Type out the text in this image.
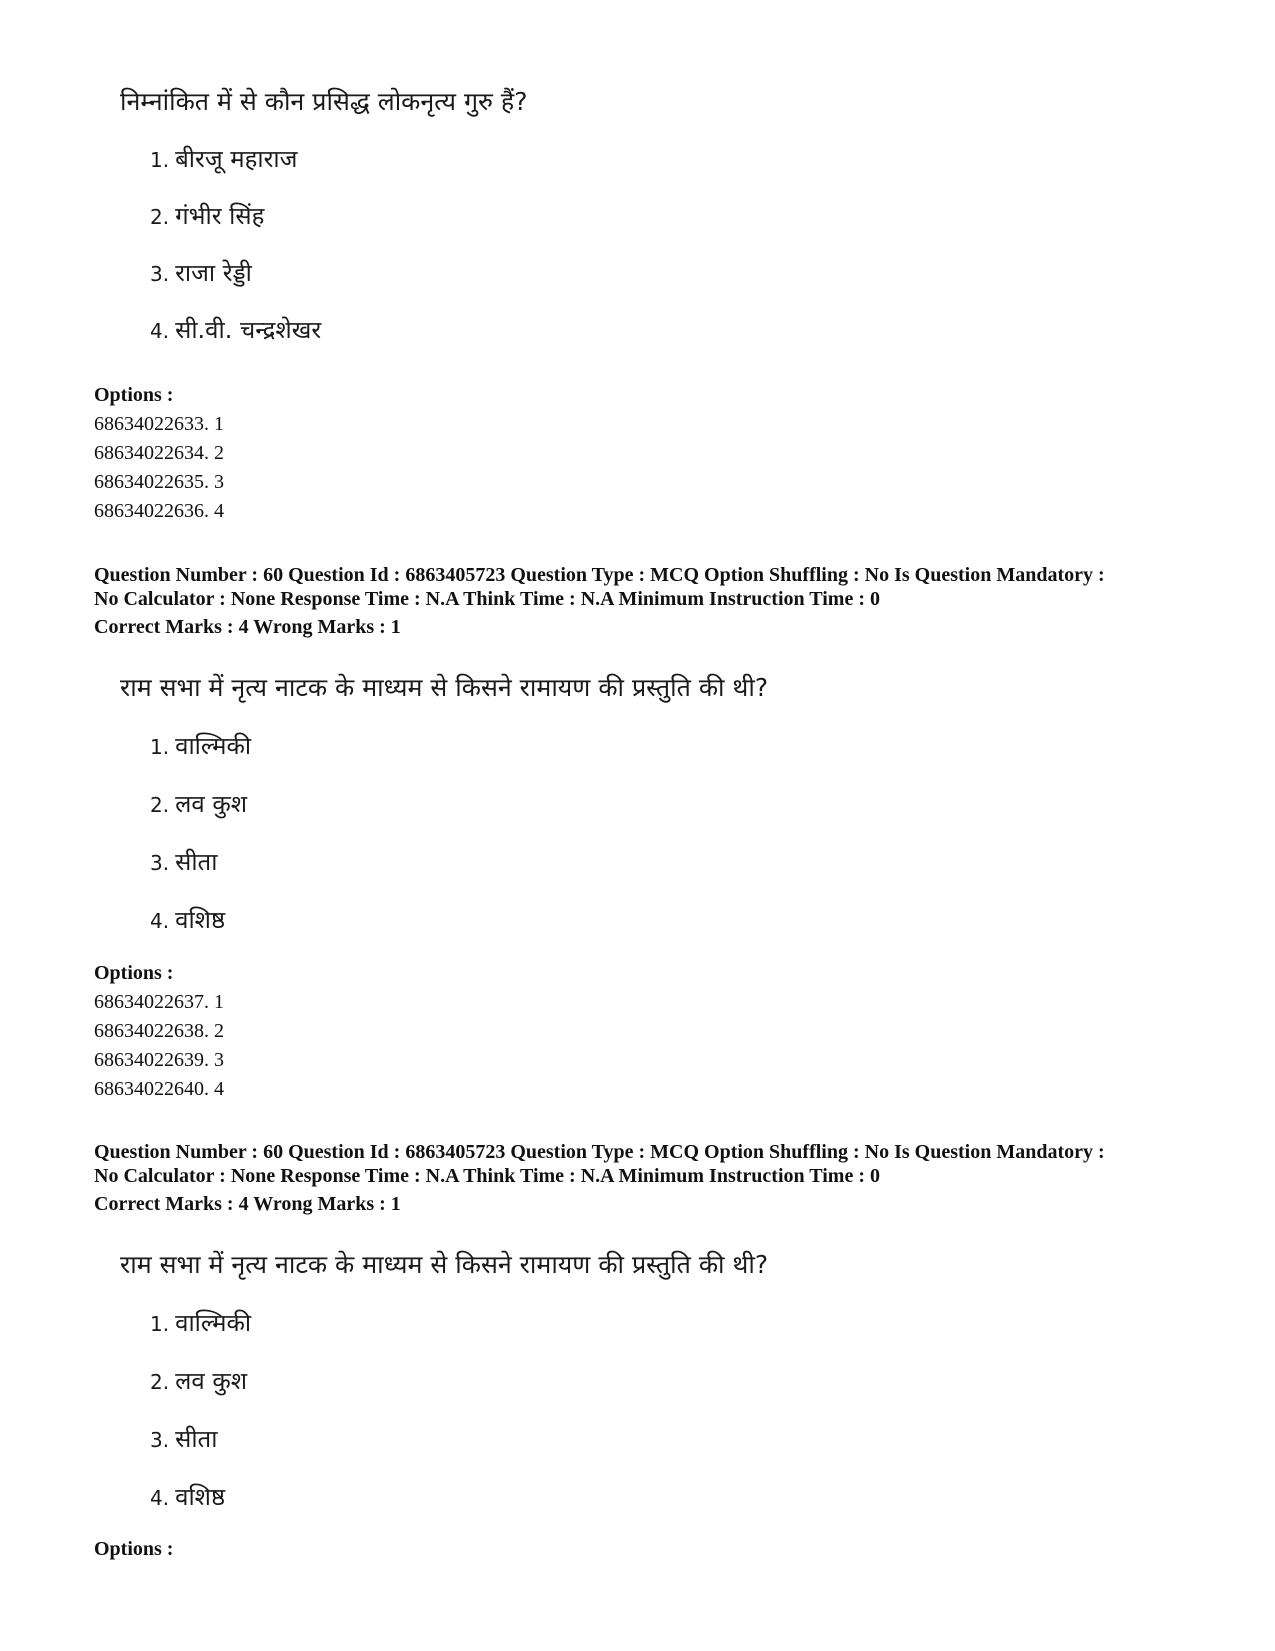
निम्नांकित में से कौन प्रसिद्ध लोकनृत्य गुरु हैं?
1. बीरजू महाराज
2. गंभीर सिंह
3. राजा रेड्डी
4. सी.वी. चन्द्रशेखर
Options :
68634022633. 1
68634022634. 2
68634022635. 3
68634022636. 4
Question Number : 60 Question Id : 6863405723 Question Type : MCQ Option Shuffling : No Is Question Mandatory :
No Calculator : None Response Time : N.A Think Time : N.A Minimum Instruction Time : 0
Correct Marks : 4 Wrong Marks : 1
राम सभा में नृत्य नाटक के माध्यम से किसने रामायण की प्रस्तुति की थी?
1. वाल्मिकी
2. लव कुश
3. सीता
4. वशिष्ठ
Options :
68634022637. 1
68634022638. 2
68634022639. 3
68634022640. 4
Question Number : 60 Question Id : 6863405723 Question Type : MCQ Option Shuffling : No Is Question Mandatory :
No Calculator : None Response Time : N.A Think Time : N.A Minimum Instruction Time : 0
Correct Marks : 4 Wrong Marks : 1
राम सभा में नृत्य नाटक के माध्यम से किसने रामायण की प्रस्तुति की थी?
1. वाल्मिकी
2. लव कुश
3. सीता
4. वशिष्ठ
Options :
